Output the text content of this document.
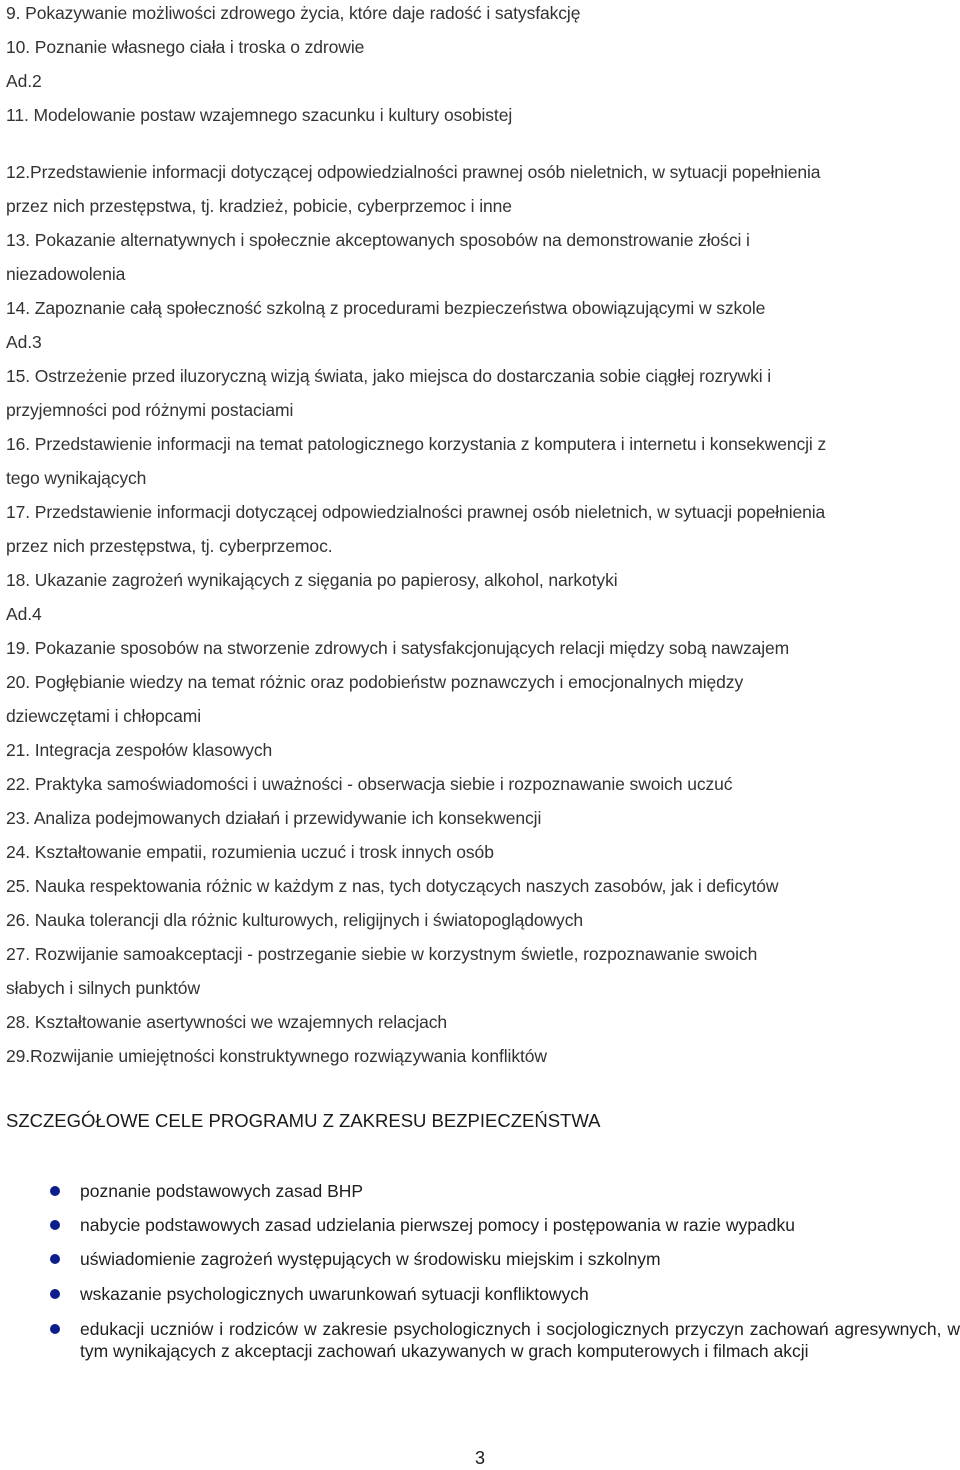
9. Pokazywanie możliwości zdrowego życia, które daje radość i satysfakcję
10. Poznanie własnego ciała i troska o zdrowie
Ad.2
11. Modelowanie postaw wzajemnego szacunku i kultury osobistej
12.Przedstawienie informacji dotyczącej odpowiedzialności prawnej osób nieletnich, w sytuacji popełnienia
przez nich przestępstwa, tj. kradzież, pobicie, cyberprzemoc i inne
13. Pokazanie alternatywnych i społecznie akceptowanych sposobów na demonstrowanie złości i
niezadowolenia
14. Zapoznanie całą społeczność szkolną z procedurami bezpieczeństwa obowiązującymi w szkole
Ad.3
15. Ostrzeżenie przed iluzoryczną wizją świata, jako miejsca do dostarczania sobie ciągłej rozrywki i
przyjemności pod różnymi postaciami
16. Przedstawienie informacji na temat patologicznego korzystania z komputera i internetu i konsekwencji z
tego wynikających
17. Przedstawienie informacji dotyczącej odpowiedzialności prawnej osób nieletnich, w sytuacji popełnienia
przez nich przestępstwa, tj. cyberprzemoc.
18. Ukazanie zagrożeń wynikających z sięgania po papierosy, alkohol, narkotyki
Ad.4
19. Pokazanie sposobów na stworzenie zdrowych i satysfakcjonujących relacji między sobą nawzajem
20. Pogłębianie wiedzy na temat różnic oraz podobieństw poznawczych i emocjonalnych między
dziewczętami i chłopcami
21. Integracja zespołów klasowych
22. Praktyka samoświadomości i uważności - obserwacja siebie i rozpoznawanie swoich uczuć
23. Analiza podejmowanych działań i przewidywanie ich konsekwencji
24. Kształtowanie empatii, rozumienia uczuć i trosk innych osób
25. Nauka respektowania różnic w każdym z nas, tych dotyczących naszych zasobów, jak i deficytów
26. Nauka tolerancji dla różnic kulturowych, religijnych i światopoglądowych
27. Rozwijanie samoakceptacji - postrzeganie siebie w korzystnym świetle, rozpoznawanie swoich
słabych i silnych punktów
28. Kształtowanie asertywności we wzajemnych relacjach
29.Rozwijanie umiejętności konstruktywnego rozwiązywania konfliktów
SZCZEGÓŁOWE CELE PROGRAMU Z ZAKRESU BEZPIECZEŃSTWA
poznanie podstawowych zasad BHP
nabycie podstawowych zasad udzielania pierwszej pomocy i postępowania w razie wypadku
uświadomienie zagrożeń występujących w środowisku miejskim i szkolnym
wskazanie psychologicznych uwarunkowań sytuacji konfliktowych
edukacji uczniów i rodziców w zakresie psychologicznych i socjologicznych przyczyn zachowań agresywnych, w tym wynikających z akceptacji zachowań ukazywanych w grach komputerowych i filmach akcji
3
